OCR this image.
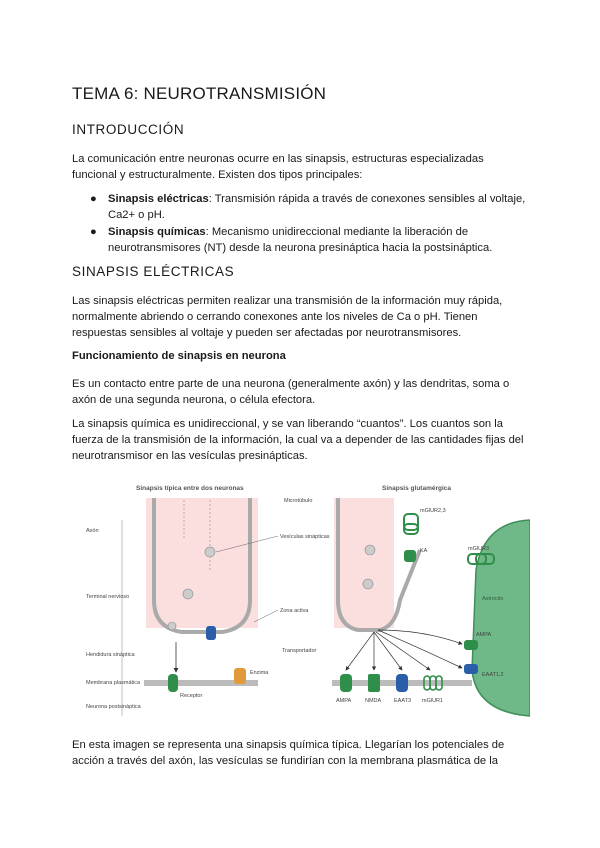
TEMA 6: NEUROTRANSMISIÓN
INTRODUCCIÓN
La comunicación entre neuronas ocurre en las sinapsis, estructuras especializadas
funcional y estructuralmente. Existen dos tipos principales:
● Sinapsis eléctricas: Transmisión rápida a través de conexones sensibles al voltaje,
Ca2+ o pH.
● Sinapsis químicas: Mecanismo unidireccional mediante la liberación de
neurotransmisores (NT) desde la neurona presináptica hacia la postsináptica.
SINAPSIS ELÉCTRICAS
Las sinapsis eléctricas permiten realizar una transmisión de la información muy rápida,
normalmente abriendo o cerrando conexones ante los niveles de Ca o pH. Tienen
respuestas sensibles al voltaje y pueden ser afectadas por neurotransmisores.
Funcionamiento de sinapsis en neurona
Es un contacto entre parte de una neurona (generalmente axón) y las dendritas, soma o
axón de una segunda neurona, o célula efectora.
La sinapsis química es unidireccional, y se van liberando “cuantos”. Los cuantos son la
fuerza de la transmisión de la información, la cual va a depender de las cantidades fijas del
neurotransmisor en las vesículas presinápticas.
Sinapsis típica entre dos neuronas	Sinapsis glutamérgica
Axón
Terminal nervioso
Hendidura sináptica
Membrana plasmática
Neurona postsináptica
Microtúbulo
Vesículas sinápticas
Zona activa
Transportador
Enzima
Receptor
Astrocito
mGlUR2,3
mGlUR3
KA
AMPA
EAAT1,2
AMPA	NMDA EAAT3 mGlUR1
En esta imagen se representa una sinapsis química típica. Llegarían los potenciales de
acción a través del axón, las vesículas se fundirían con la membrana plasmática de la
